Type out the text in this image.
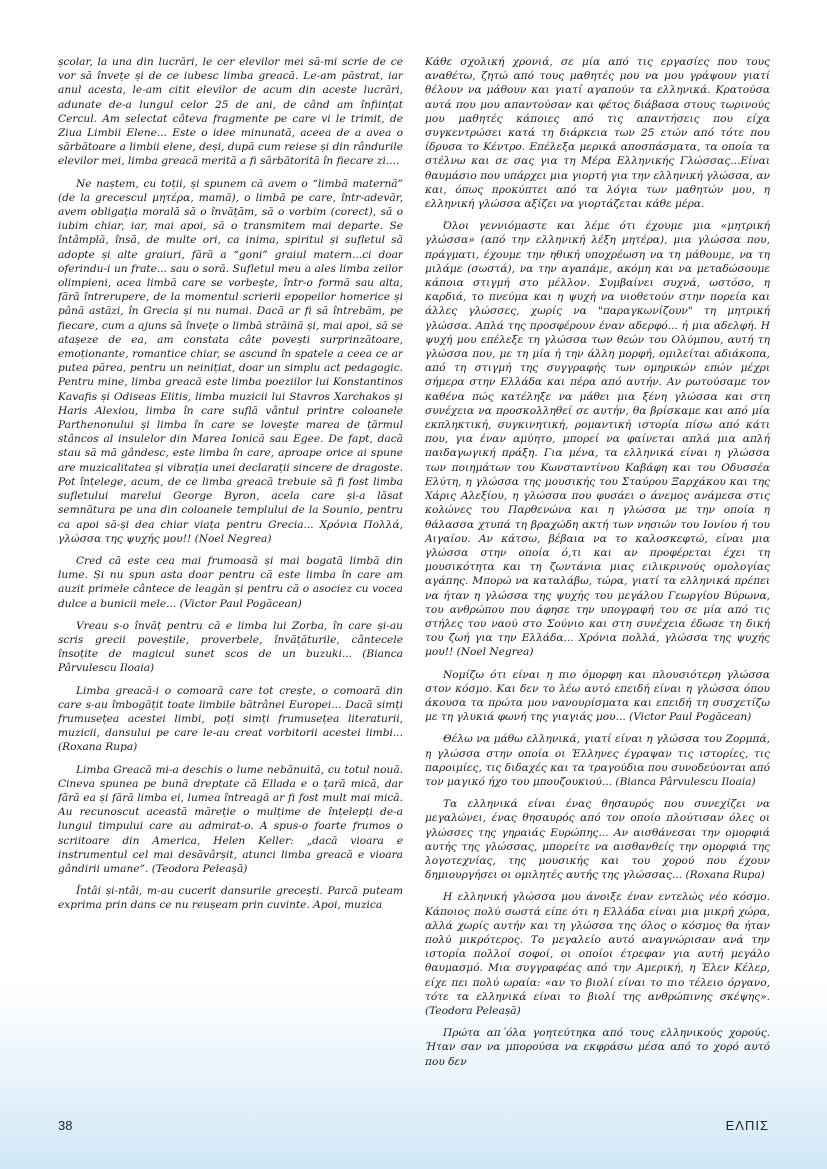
școlar, la una din lucrări, le cer elevilor mei să-mi scrie de ce vor să învețe și de ce iubesc limba greacă. Le-am păstrat, iar anul acesta, le-am citit elevilor de acum din aceste lucrări, adunate de-a lungul celor 25 de ani, de când am înființat Cercul. Am selectat câteva fragmente pe care vi le trimit, de Ziua Limbii Elene... Este o idee minunată, aceea de a avea o sărbătoare a limbii elene, deși, după cum reiese și din rândurile elevilor mei, limba greacă merită a fi sărbătorită în fiecare zi....

Ne naștem, cu toții, și spunem că avem o “limbă maternă” (de la grecescul μητέρα, mamă), o limbă pe care, într-adevăr, avem obligația morală să o învățăm, să o vorbim (corect), să o iubim chiar, iar, mai apoi, să o transmitem mai departe. Se întâmplă, însă, de multe ori, ca inima, spiritul și sufletul să adopte și alte graiuri, fără a “goni” graiul matern...ci doar oferindu-i un frate... sau o soră. Sufletul meu a ales limba zeilor olimpieni, acea limbă care se vorbește, într-o formă sau alta, fără întrerupere, de la momentul scrierii epopeilor homerice și până astăzi, în Grecia și nu numai. Dacă ar fi să întrebăm, pe fiecare, cum a ajuns să învețe o limbă străină și, mai apoi, să se atașeze de ea, am constata câte povești surprinzătoare, emoționante, romantice chiar, se ascund în spatele a ceea ce ar putea părea, pentru un neinițiat, doar un simplu act pedagogic. Pentru mine, limba greacă este limba poeziilor lui Konstantinos Kavafis și Odiseas Elitis, limba muzicii lui Stavros Xarchakos și Haris Alexiou, limba în care suflă vântul printre coloanele Parthenonului și limba în care se lovește marea de țărmul stâncos al insulelor din Marea Ionică sau Egee. De fapt, dacă stau să mă gândesc, este limba în care, aproape orice ai spune are muzicalitatea și vibrația unei declarații sincere de dragoste. Pot înțelege, acum, de ce limba greacă trebuie să fi fost limba sufletului marelui George Byron, acela care și-a lăsat semnătura pe una din coloanele templului de la Sounio, pentru ca apoi să-și dea chiar viața pentru Grecia... Χρόνια Πολλά, γλώσσα της ψυχής μου!! (Noel Negrea)

Cred că este cea mai frumoasă și mai bogată limbă din lume. Și nu spun asta doar pentru că este limba în care am auzit primele cântece de leagăn și pentru că o asociez cu vocea dulce a bunicii mele... (Victor Paul Pogăcean)

Vreau s-o învăț pentru că e limba lui Zorba, în care și-au scris grecii poveștile, proverbele, învățăturile, cântecele însoțite de magicul sunet scos de un buzuki... (Bianca Pârvulescu Iloaia)

Limba greacă-i o comoară care tot crește, o comoară din care s-au îmbogățit toate limbile bătrânei Europei... Dacă simți frumusețea acestei limbi, poți simți frumusețea literaturii, muzicii, dansului pe care le-au creat vorbitorii acestei limbi... (Roxana Rupa)

Limba Greacă mi-a deschis o lume nebănuită, cu totul nouă. Cineva spunea pe bună dreptate că Ellada e o țară mică, dar fără ea și fără limba ei, lumea întreagă ar fi fost mult mai mică. Au recunoscut această măreție o mulțime de înțelepți de-a lungul timpului care au admirat-o. A spus-o foarte frumos o scriitoare din America, Helen Keller: „dacă vioara e instrumentul cel mai desăvârșit, atunci limba greacă e vioara gândirii umane”. (Teodora Peleașă)

Întâi și-ntâi, m-au cucerit dansurile grecești. Parcă puteam exprima prin dans ce nu reușeam prin cuvinte. Apoi, muzica

Κάθε σχολική χρονιά, σε μία από τις εργασίες που τους αναθέτω, ζητώ από τους μαθητές μου να μου γράψουν γιατί θέλουν να μάθουν και γιατί αγαπούν τα ελληνικά. Κρατούσα αυτά που μου απαντούσαν και φέτος διάβασα στους τωρινούς μου μαθητές κάποιες από τις απαντήσεις που είχα συγκεντρώσει κατά τη διάρκεια των 25 ετών από τότε που ίδρυσα το Κέντρο. Επέλεξα μερικά αποσπάσματα, τα οποία τα στέλνω και σε σας για τη Μέρα Ελληνικής Γλώσσας...Είναι θαυμάσιο που υπάρχει μια γιορτή για την ελληνική γλώσσα, αν και, όπως προκύπτει από τα λόγια των μαθητών μου, η ελληνική γλώσσα αξίζει να γιορτάζεται κάθε μέρα.

Όλοι γεννιόμαστε και λέμε ότι έχουμε μια «μητρική γλώσσα» (από την ελληνική λέξη μητέρα), μια γλώσσα που, πράγματι, έχουμε την ηθική υποχρέωση να τη μάθουμε, να τη μιλάμε (σωστά), να την αγαπάμε, ακόμη και να μεταδώσουμε κάποια στιγμή στο μέλλον. Συμβαίνει συχνά, ωστόσο, η καρδιά, το πνεύμα και η ψυχή να υιοθετούν στην πορεία και άλλες γλώσσες, χωρίς να "παραγκωνίζουν" τη μητρική γλώσσα. Απλά της προσφέρουν έναν αδερφό... ή μια αδελφή. Η ψυχή μου επέλεξε τη γλώσσα των θεών του Ολύμπου, αυτή τη γλώσσα που, με τη μία ή την άλλη μορφή, ομιλείται αδιάκοπα, από τη στιγμή της συγγραφής των ομηρικών επών μέχρι σήμερα στην Ελλάδα και πέρα από αυτήν. Αν ρωτούσαμε τον καθένα πώς κατέληξε να μάθει μια ξένη γλώσσα και στη συνέχεια να προσκολληθεί σε αυτήν, θα βρίσκαμε και από μία εκπληκτική, συγκινητική, ρομαντική ιστορία πίσω από κάτι που, για έναν αμύητο, μπορεί να φαίνεται απλά μια απλή παιδαγωγική πράξη. Για μένα, τα ελληνικά είναι η γλώσσα των ποιημάτων του Κωνσταντίνου Καβάφη και του Οδυσσέα Ελύτη, η γλώσσα της μουσικής του Σταύρου Ξαρχάκου και της Χάρις Αλεξίου, η γλώσσα που φυσάει ο άνεμος ανάμεσα στις κολώνες του Παρθενώνα και η γλώσσα με την οποία η θάλασσα χτυπά τη βραχώδη ακτή των νησιών του Ιονίου ή του Αιγαίου. Αν κάτσω, βέβαια να το καλοσκεφτώ, είναι μια γλώσσα στην οποία ό,τι και αν προφέρεται έχει τη μουσικότητα και τη ζωντάνια μιας ειλικρινούς ομολογίας αγάπης. Μπορώ να καταλάβω, τώρα, γιατί τα ελληνικά πρέπει να ήταν η γλώσσα της ψυχής του μεγάλου Γεωργίου Βύρωνα, του ανθρώπου που άφησε την υπογραφή του σε μία από τις στήλες του ναού στο Σούνιο και στη συνέχεια έδωσε τη δική του ζωή για την Ελλάδα... Χρόνια πολλά, γλώσσα της ψυχής μου!! (Noel Negrea)

Νομίζω ότι είναι η πιο όμορφη και πλουσιότερη γλώσσα στον κόσμο. Και δεν το λέω αυτό επειδή είναι η γλώσσα όπου άκουσα τα πρώτα μου νανουρίσματα και επειδή τη συσχετίζω με τη γλυκιά φωνή της γιαγιάς μου... (Victor Paul Pogăcean)

Θέλω να μάθω ελληνικά, γιατί είναι η γλώσσα του Ζορμπά, η γλώσσα στην οποία οι Έλληνες έγραψαν τις ιστορίες, τις παροιμίες, τις διδαχές και τα τραγούδια που συνοδεύονται από τον μαγικό ήχο του μπουζουκιού... (Bianca Pârvulescu Iloaia)

Τα ελληνικά είναι ένας θησαυρός που συνεχίζει να μεγαλώνει, ένας θησαυρός από τον οποίο πλούτισαν όλες οι γλώσσες της γηραιάς Ευρώπης... Αν αισθάνεσαι την ομορφιά αυτής της γλώσσας, μπορείτε να αισθανθείς την ομορφιά της λογοτεχνίας, της μουσικής και του χορού που έχουν δημιουργήσει οι ομιλητές αυτής της γλώσσας... (Roxana Rupa)

Η ελληνική γλώσσα μου άνοιξε έναν εντελώς νέο κόσμο. Κάποιος πολύ σωστά είπε ότι η Ελλάδα είναι μια μικρή χώρα, αλλά χωρίς αυτήν και τη γλώσσα της όλος ο κόσμος θα ήταν πολύ μικρότερος. Το μεγαλείο αυτό αναγνώρισαν ανά την ιστορία πολλοί σοφοί, οι οποίοι έτρεφαν για αυτή μεγάλο θαυμασμό. Μια συγγραφέας από την Αμερική, η Έλεν Κέλερ, είχε πει πολύ ωραία: «αν το βιολί είναι το πιο τέλειο όργανο, τότε τα ελληνικά είναι το βιολί της ανθρώπινης σκέψης». (Teodora Peleașă)

Πρώτα απ΄όλα γοητεύτηκα από τους ελληνικούς χορούς. Ήταν σαν να μπορούσα να εκφράσω μέσα από το χορό αυτό που δεν

38	ΕΛΠΙΣ
